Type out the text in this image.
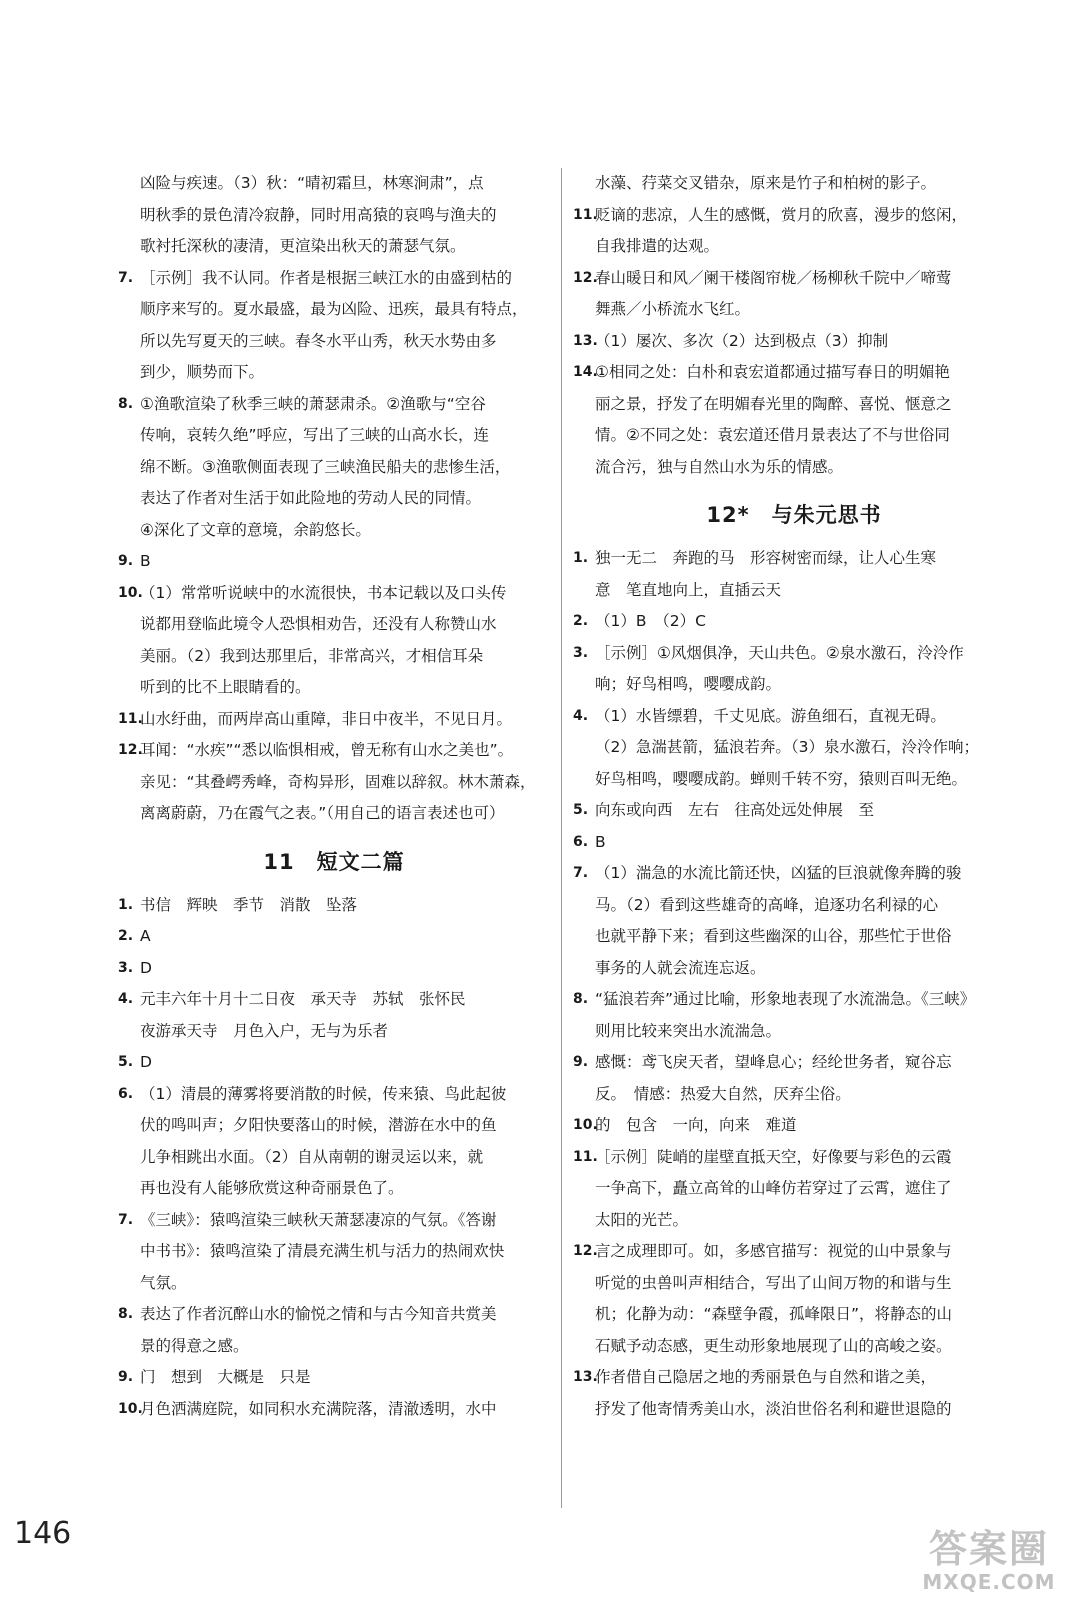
凶险与疾速。（3）秋：“晴初霜旦，林寒涧肃”，点
明秋季的景色清冷寂静，同时用高猿的哀鸣与渔夫的
歌衬托深秋的凄清，更渲染出秋天的萧瑟气氛。
7. ［示例］我不认同。作者是根据三峡江水的由盛到枯的
顺序来写的。夏水最盛，最为凶险、迅疾，最具有特点，
所以先写夏天的三峡。春冬水平山秀，秋天水势由多
到少，顺势而下。
8. ①渔歌渲染了秋季三峡的萧瑟肃杀。②渔歌与“空谷
传响，哀转久绝”呼应，写出了三峡的山高水长，连
绵不断。③渔歌侧面表现了三峡渔民船夫的悲惨生活，
表达了作者对生活于如此险地的劳动人民的同情。
④深化了文章的意境，余韵悠长。
9. B
10.
（1）常常听说峡中的水流很快，书本记载以及口头传
说都用登临此境令人恐惧相劝告，还没有人称赞山水
美丽。（2）我到达那里后，非常高兴，才相信耳朵
听到的比不上眼睛看的。
11.
山水纡曲，而两岸高山重障，非日中夜半，不见日月。
12.
耳闻：“水疾”“悉以临惧相戒，曾无称有山水之美也”。
亲见：“其叠崿秀峰，奇构异形，固难以辞叙。林木萧森，
离离蔚蔚，乃在霞气之表。”（用自己的语言表述也可）
11　短文二篇
1. 书信　辉映　季节　消散　坠落
2. A
3. D
4. 元丰六年十月十二日夜　承天寺　苏轼　张怀民
夜游承天寺　月色入户，无与为乐者
5. D
6. （1）清晨的薄雾将要消散的时候，传来猿、鸟此起彼
伏的鸣叫声；夕阳快要落山的时候，潜游在水中的鱼
儿争相跳出水面。（2）自从南朝的谢灵运以来，就
再也没有人能够欣赏这种奇丽景色了。
7. 《三峡》：猿鸣渲染三峡秋天萧瑟凄凉的气氛。《答谢
中书书》：猿鸣渲染了清晨充满生机与活力的热闹欢快
气氛。
8. 表达了作者沉醉山水的愉悦之情和与古今知音共赏美
景的得意之感。
9. 门　想到　大概是　只是
10.
月色洒满庭院，如同积水充满院落，清澈透明，水中
水藻、荇菜交叉错杂，原来是竹子和柏树的影子。
11.
贬谪的悲凉，人生的感慨，赏月的欣喜，漫步的悠闲，
自我排遣的达观。
12.
春山暖日和风／阑干楼阁帘栊／杨柳秋千院中／啼莺
舞燕／小桥流水飞红。
13.
（1）屡次、多次（2）达到极点（3）抑制
14.
①相同之处：白朴和袁宏道都通过描写春日的明媚艳
丽之景，抒发了在明媚春光里的陶醉、喜悦、惬意之
情。②不同之处：袁宏道还借月景表达了不与世俗同
流合污，独与自然山水为乐的情感。
12*　与朱元思书
1. 独一无二　奔跑的马　形容树密而绿，让人心生寒
意　笔直地向上，直插云天
2. （1）B　（2）C
3. ［示例］①风烟俱净，天山共色。②泉水激石，泠泠作
响；好鸟相鸣，嘤嘤成韵。
4. （1）水皆缥碧，千丈见底。游鱼细石，直视无碍。
（2）急湍甚箭，猛浪若奔。（3）泉水激石，泠泠作响；
好鸟相鸣，嘤嘤成韵。蝉则千转不穷，猿则百叫无绝。
5. 向东或向西　左右　往高处远处伸展　至
6. B
7. （1）湍急的水流比箭还快，凶猛的巨浪就像奔腾的骏
马。（2）看到这些雄奇的高峰，追逐功名利禄的心
也就平静下来；看到这些幽深的山谷，那些忙于世俗
事务的人就会流连忘返。
8. “猛浪若奔”通过比喻，形象地表现了水流湍急。《三峡》
则用比较来突出水流湍急。
9. 感慨：鸢飞戾天者，望峰息心；经纶世务者，窥谷忘
反。　情感：热爱大自然，厌弃尘俗。
10.
的　包含　一向，向来　难道
11.
［示例］陡峭的崖壁直抵天空，好像要与彩色的云霞
一争高下，矗立高耸的山峰仿若穿过了云霄，遮住了
太阳的光芒。
12.
言之成理即可。如，多感官描写：视觉的山中景象与
听觉的虫兽叫声相结合，写出了山间万物的和谐与生
机；化静为动：“森壁争霞，孤峰限日”，将静态的山
石赋予动态感，更生动形象地展现了山的高峻之姿。
13.
作者借自己隐居之地的秀丽景色与自然和谐之美，
抒发了他寄情秀美山水，淡泊世俗名利和避世退隐的
146	答案圈
MXQE.COM
